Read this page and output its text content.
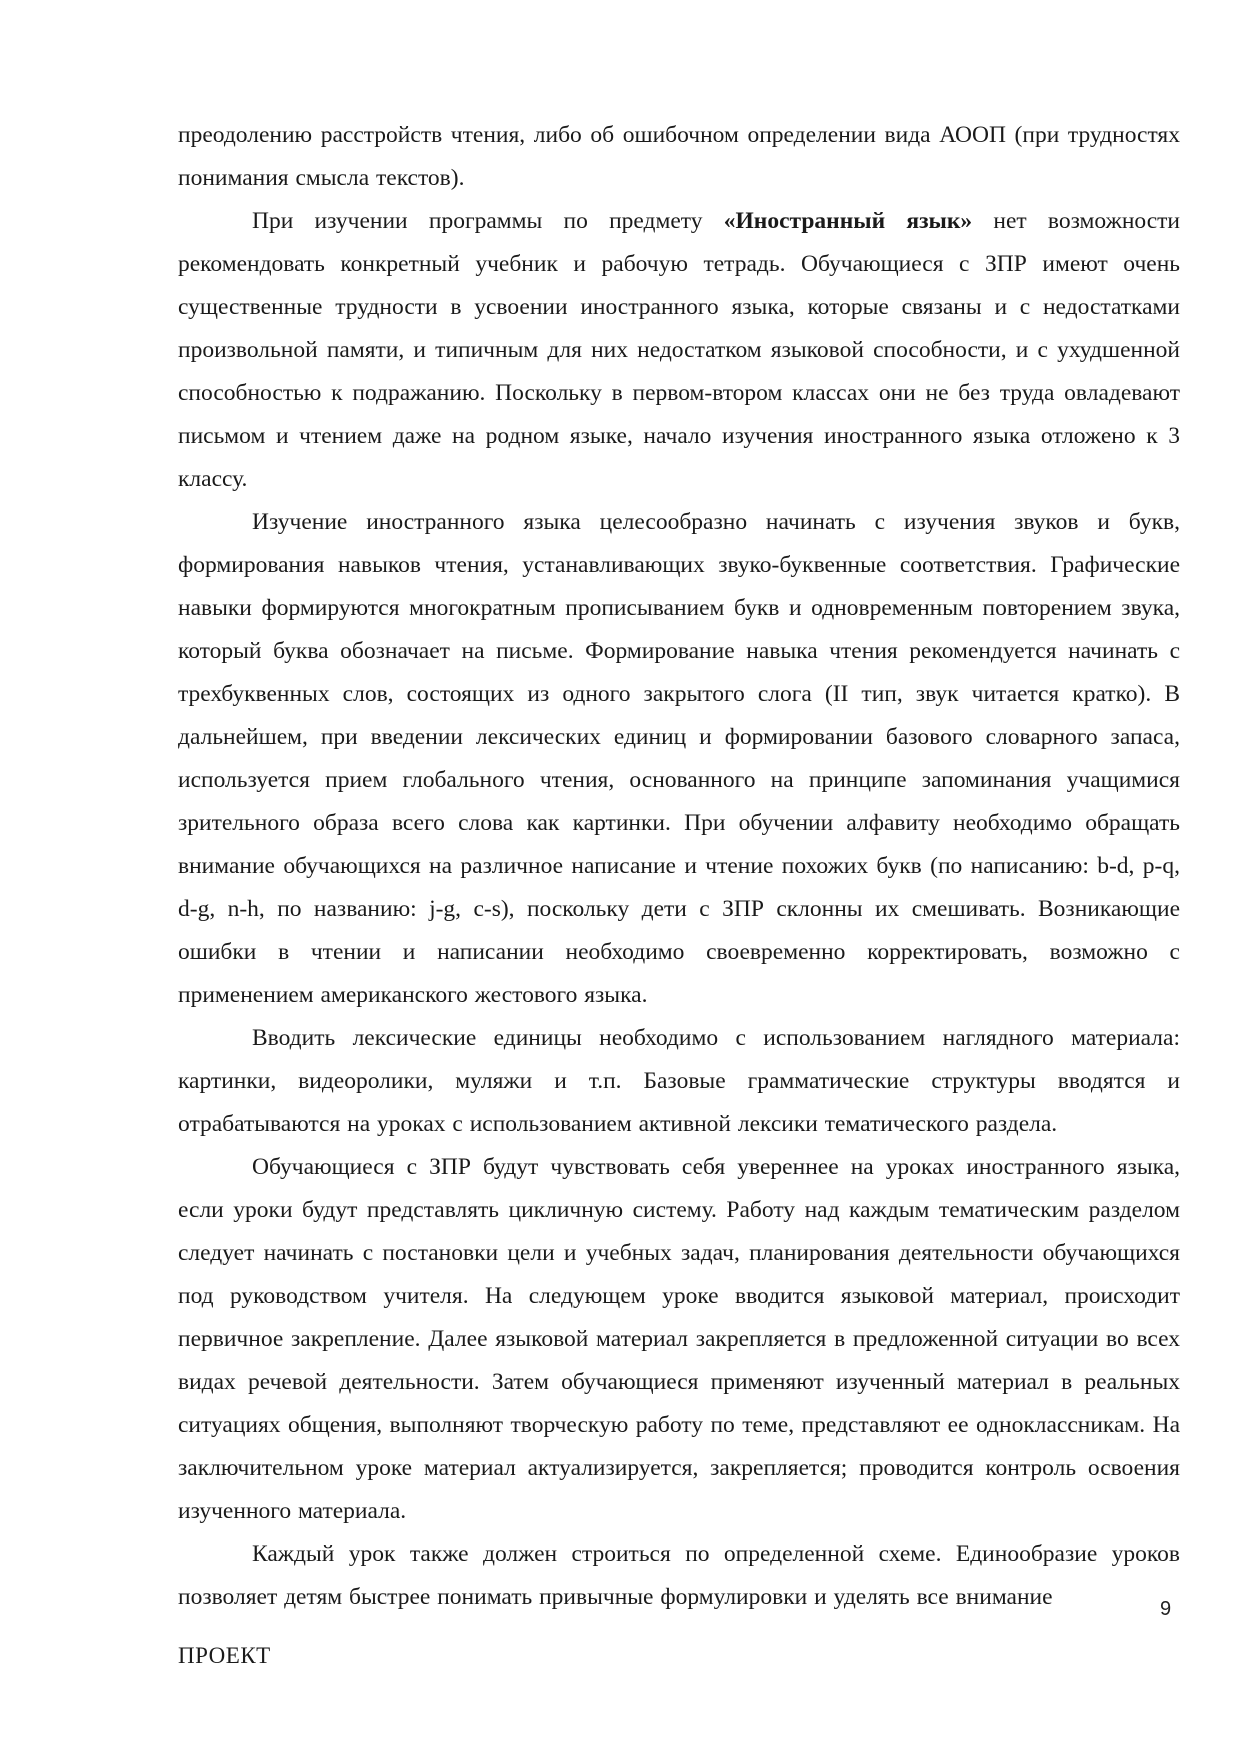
преодолению расстройств чтения, либо об ошибочном определении вида АООП (при трудностях понимания смысла текстов).

При изучении программы по предмету «Иностранный язык» нет возможности рекомендовать конкретный учебник и рабочую тетрадь. Обучающиеся с ЗПР имеют очень существенные трудности в усвоении иностранного языка, которые связаны и с недостатками произвольной памяти, и типичным для них недостатком языковой способности, и с ухудшенной способностью к подражанию. Поскольку в первом-втором классах они не без труда овладевают письмом и чтением даже на родном языке, начало изучения иностранного языка отложено к 3 классу.

Изучение иностранного языка целесообразно начинать с изучения звуков и букв, формирования навыков чтения, устанавливающих звуко-буквенные соответствия. Графические навыки формируются многократным прописыванием букв и одновременным повторением звука, который буква обозначает на письме. Формирование навыка чтения рекомендуется начинать с трехбуквенных слов, состоящих из одного закрытого слога (II тип, звук читается кратко). В дальнейшем, при введении лексических единиц и формировании базового словарного запаса, используется прием глобального чтения, основанного на принципе запоминания учащимися зрительного образа всего слова как картинки. При обучении алфавиту необходимо обращать внимание обучающихся на различное написание и чтение похожих букв (по написанию: b-d, p-q, d-g, n-h, по названию: j-g, c-s), поскольку дети с ЗПР склонны их смешивать. Возникающие ошибки в чтении и написании необходимо своевременно корректировать, возможно с применением американского жестового языка.

Вводить лексические единицы необходимо с использованием наглядного материала: картинки, видеоролики, муляжи и т.п. Базовые грамматические структуры вводятся и отрабатываются на уроках с использованием активной лексики тематического раздела.

Обучающиеся с ЗПР будут чувствовать себя увереннее на уроках иностранного языка, если уроки будут представлять цикличную систему. Работу над каждым тематическим разделом следует начинать с постановки цели и учебных задач, планирования деятельности обучающихся под руководством учителя. На следующем уроке вводится языковой материал, происходит первичное закрепление. Далее языковой материал закрепляется в предложенной ситуации во всех видах речевой деятельности. Затем обучающиеся применяют изученный материал в реальных ситуациях общения, выполняют творческую работу по теме, представляют ее одноклассникам. На заключительном уроке материал актуализируется, закрепляется; проводится контроль освоения изученного материала.

Каждый урок также должен строиться по определенной схеме. Единообразие уроков позволяет детям быстрее понимать привычные формулировки и уделять все внимание	9
ПРОЕКТ
